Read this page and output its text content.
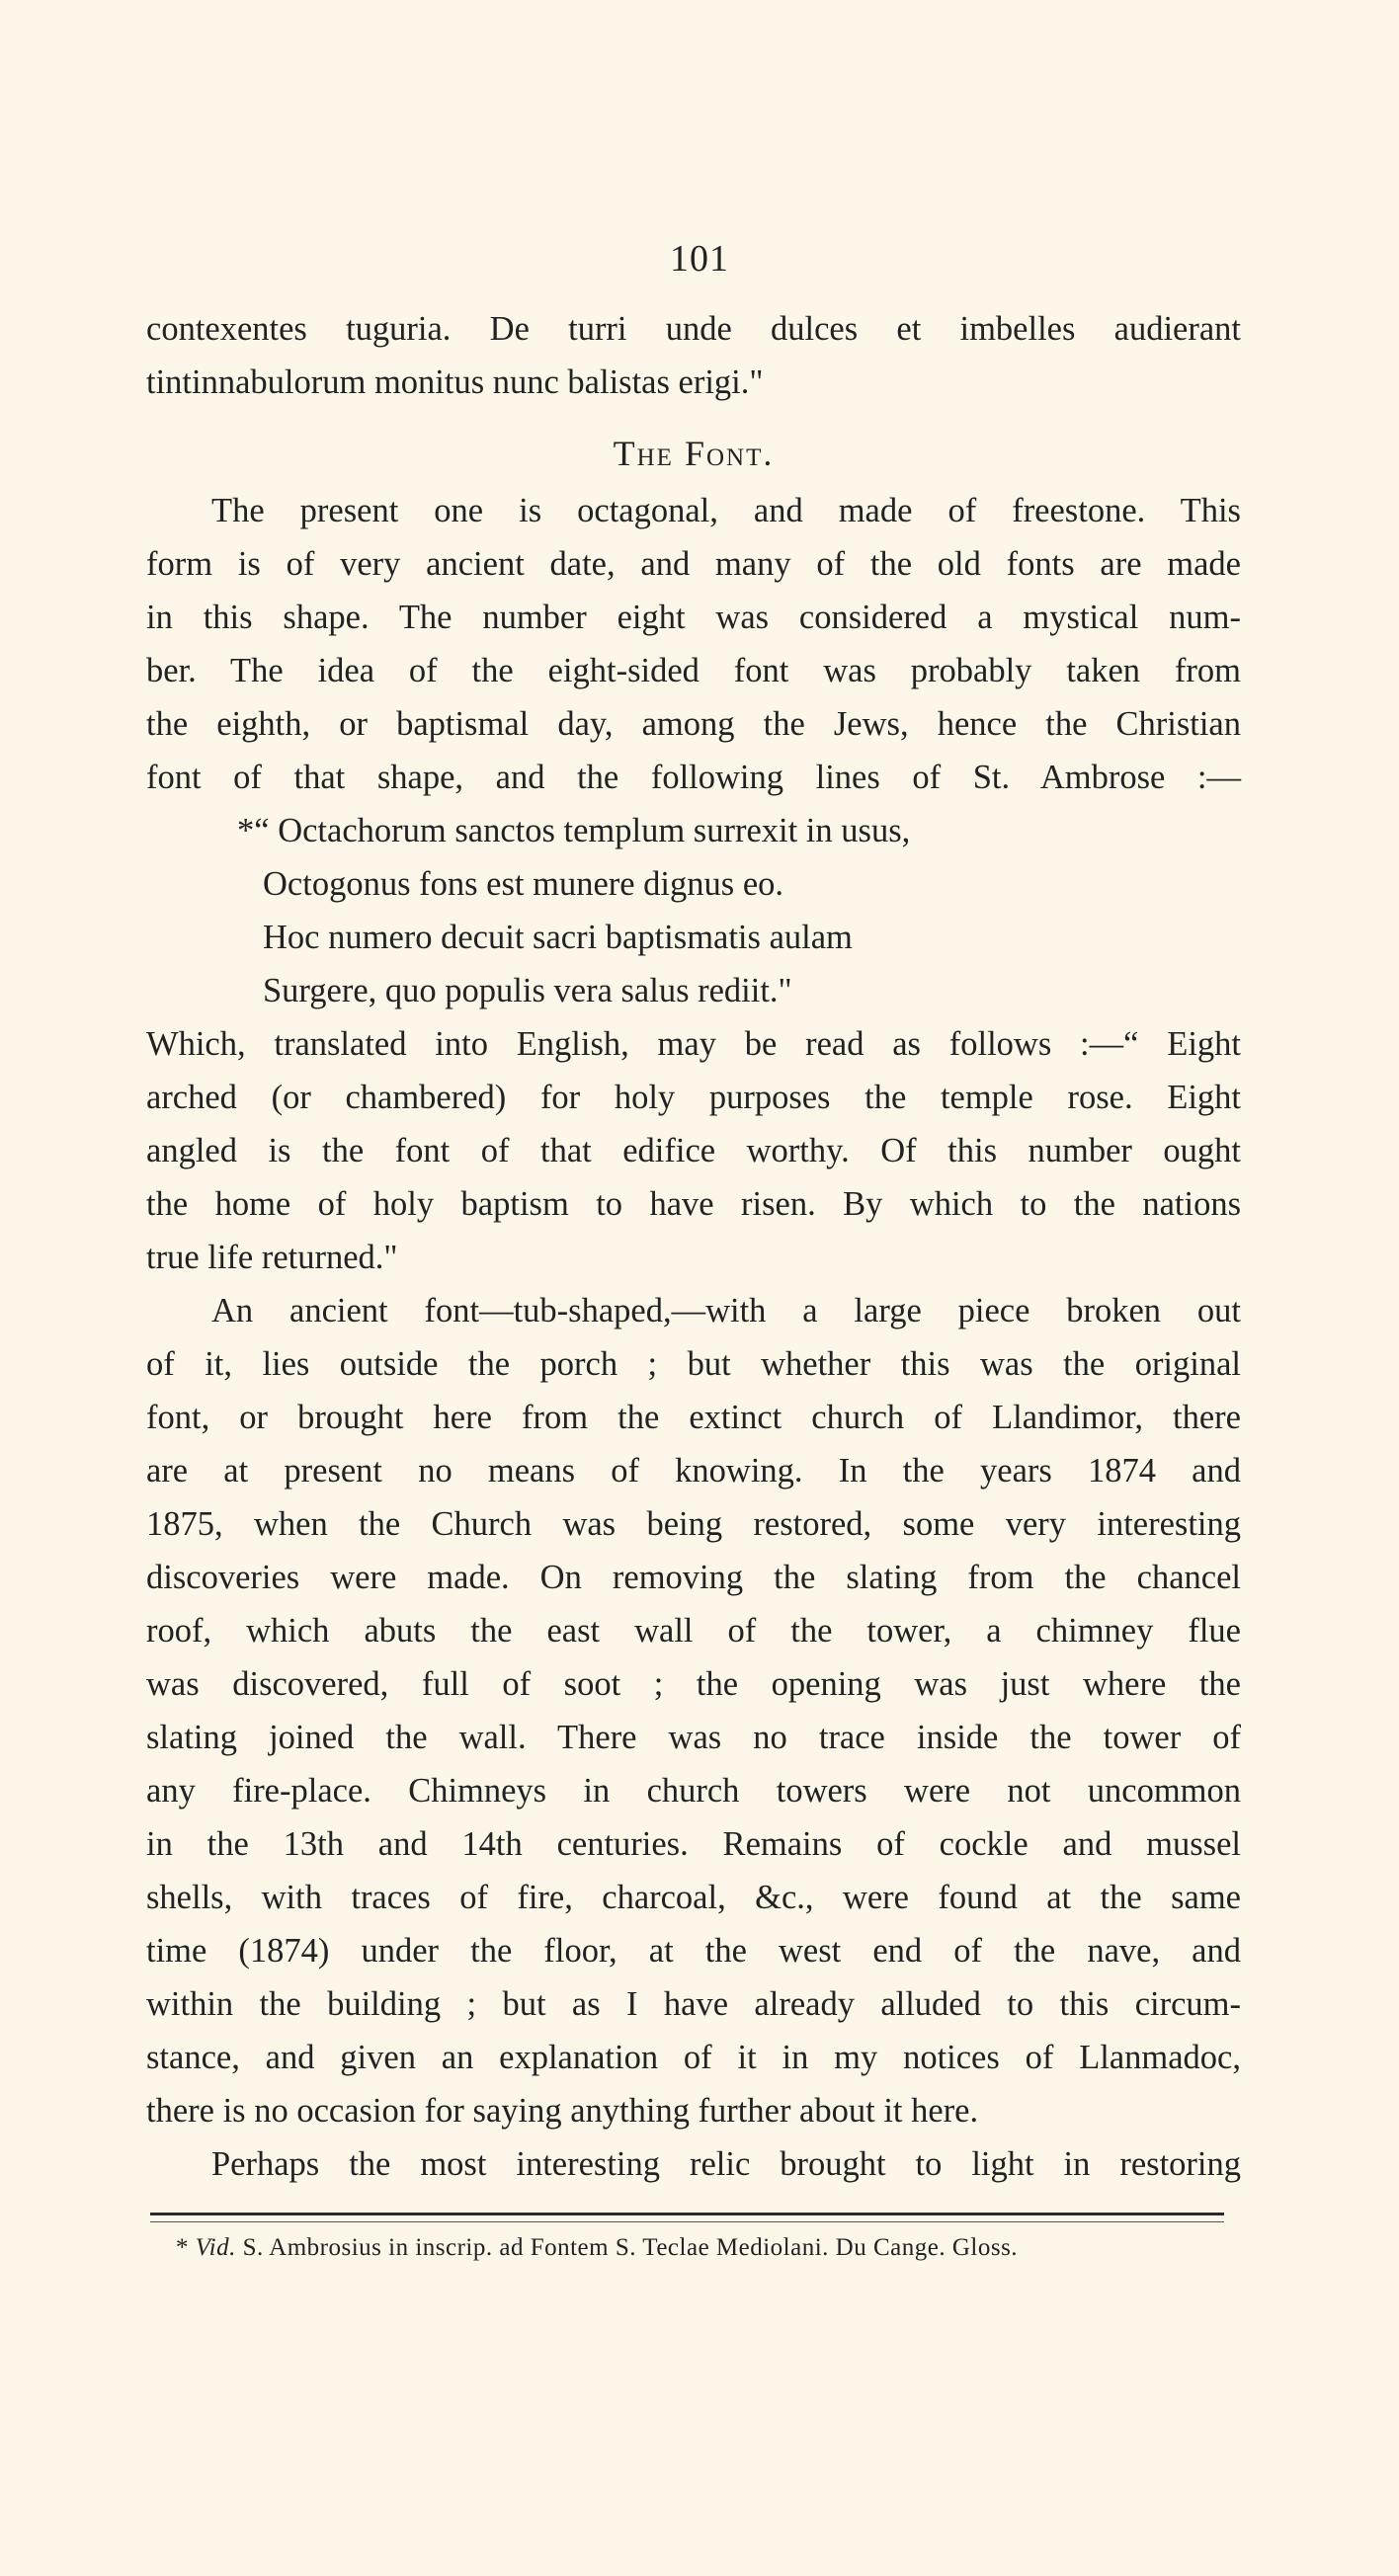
101
contexentes tuguria. De turri unde dulces et imbelles audierant
tintinnabulorum monitus nunc balistas erigi."
The Font.
The present one is octagonal, and made of freestone. This
form is of very ancient date, and many of the old fonts are made
in this shape. The number eight was considered a mystical num-
ber. The idea of the eight-sided font was probably taken from
the eighth, or baptismal day, among the Jews, hence the Christian
font of that shape, and the following lines of St. Ambrose :—
*“ Octachorum sanctos templum surrexit in usus,
Octogonus fons est munere dignus eo.
Hoc numero decuit sacri baptismatis aulam
Surgere, quo populis vera salus rediit."
Which, translated into English, may be read as follows :—“ Eight
arched (or chambered) for holy purposes the temple rose. Eight
angled is the font of that edifice worthy. Of this number ought
the home of holy baptism to have risen. By which to the nations
true life returned."
An ancient font—tub-shaped,—with a large piece broken out
of it, lies outside the porch ; but whether this was the original
font, or brought here from the extinct church of Llandimor, there
are at present no means of knowing. In the years 1874 and
1875, when the Church was being restored, some very interesting
discoveries were made. On removing the slating from the chancel
roof, which abuts the east wall of the tower, a chimney flue
was discovered, full of soot ; the opening was just where the
slating joined the wall. There was no trace inside the tower of
any fire-place. Chimneys in church towers were not uncommon
in the 13th and 14th centuries. Remains of cockle and mussel
shells, with traces of fire, charcoal, &c., were found at the same
time (1874) under the floor, at the west end of the nave, and
within the building ; but as I have already alluded to this circum-
stance, and given an explanation of it in my notices of Llanmadoc,
there is no occasion for saying anything further about it here.
Perhaps the most interesting relic brought to light in restoring
* Vid. S. Ambrosius in inscrip. ad Fontem S. Teclae Mediolani. Du Cange. Gloss.
